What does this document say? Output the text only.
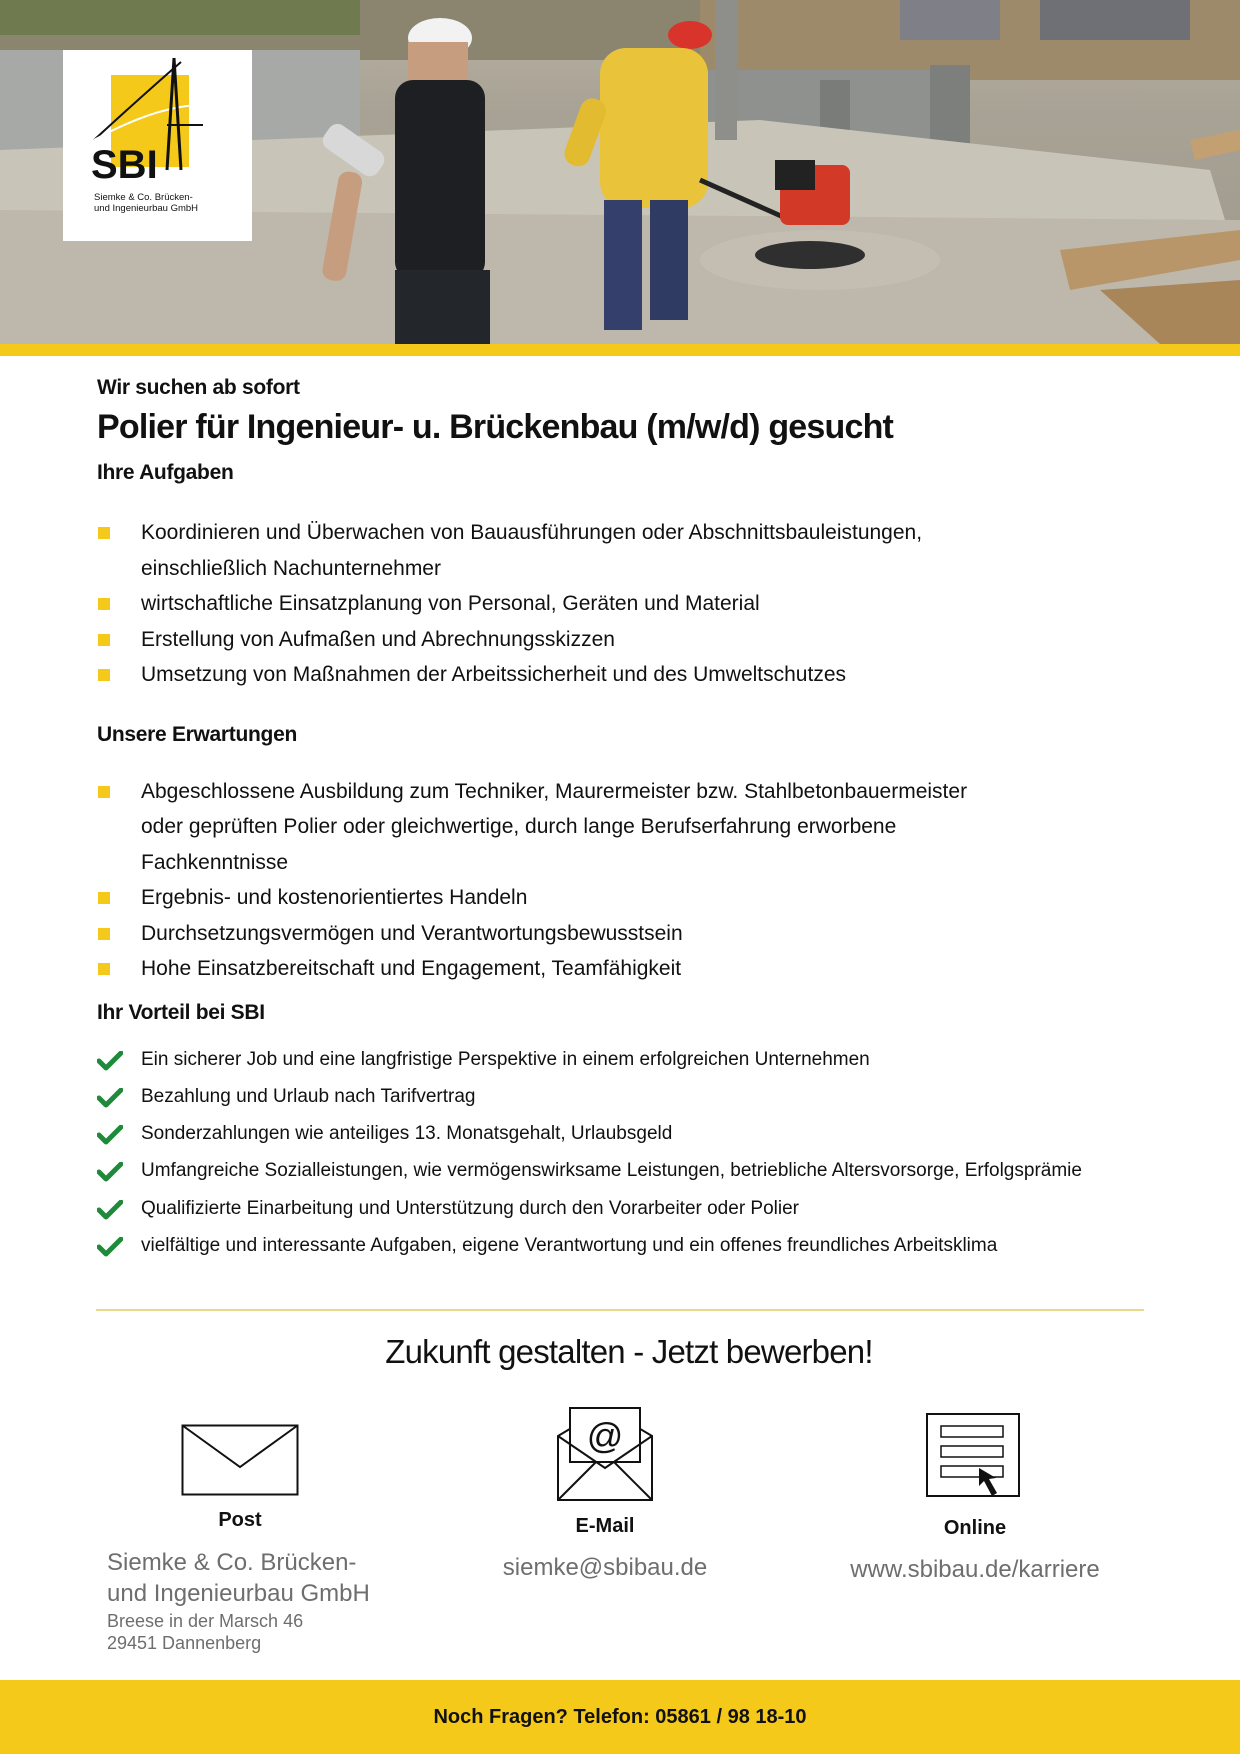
SBI
Siemke & Co. Brücken-
und Ingenieurbau GmbH

Wir suchen ab sofort

Polier für Ingenieur- u. Brückenbau (m/w/d) gesucht
Ihre Aufgaben
Koordinieren und Überwachen von Bauausführungen oder Abschnittsbauleistungen,
einschließlich Nachunternehmer
wirtschaftliche Einsatzplanung von Personal, Geräten und Material
Erstellung von Aufmaßen und Abrechnungsskizzen
Umsetzung von Maßnahmen der Arbeitssicherheit und des Umweltschutzes
Unsere Erwartungen
Abgeschlossene Ausbildung zum Techniker, Maurermeister bzw. Stahlbetonbauermeister
oder geprüften Polier oder gleichwertige, durch lange Berufserfahrung erworbene
Fachkenntnisse
Ergebnis- und kostenorientiertes Handeln
Durchsetzungsvermögen und Verantwortungsbewusstsein
Hohe Einsatzbereitschaft und Engagement, Teamfähigkeit
Ihr Vorteil bei SBI
Ein sicherer Job und eine langfristige Perspektive in einem erfolgreichen Unternehmen
Bezahlung und Urlaub nach Tarifvertrag
Sonderzahlungen wie anteiliges 13. Monatsgehalt, Urlaubsgeld
Umfangreiche Sozialleistungen, wie vermögenswirksame Leistungen, betriebliche Altersvorsorge, Erfolgsprämie
Qualifizierte Einarbeitung und Unterstützung durch den Vorarbeiter oder Polier
vielfältige und interessante Aufgaben, eigene Verantwortung und ein offenes freundliches Arbeitsklima
Zukunft gestalten - Jetzt bewerben!
Post
Siemke & Co. Brücken-
und Ingenieurbau GmbH
Breese in der Marsch 46
29451 Dannenberg
@
E-Mail
siemke@sbibau.de
Online
www.sbibau.de/karriere
Noch Fragen? Telefon: 05861 / 98 18-10
